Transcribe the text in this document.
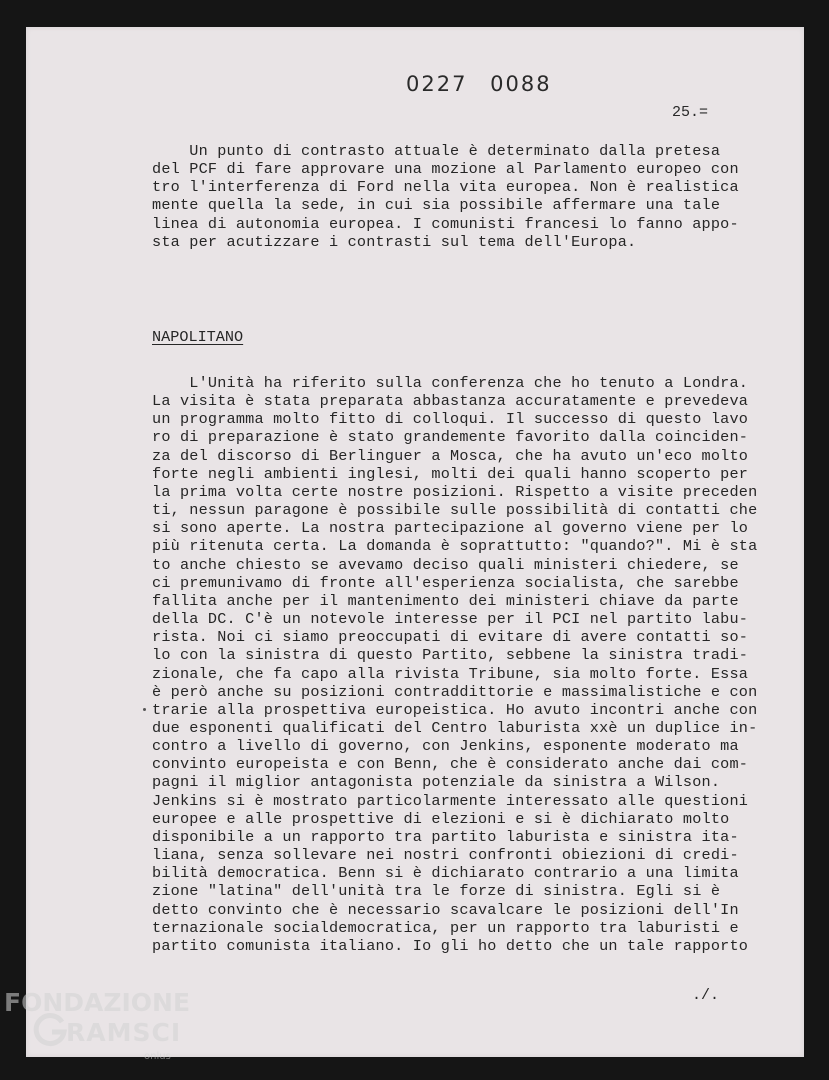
0227 0088
25.=
Un punto di contrasto attuale è determinato dalla pretesa
del PCF di fare approvare una mozione al Parlamento europeo con
tro l'interferenza di Ford nella vita europea. Non è realistica
mente quella la sede, in cui sia possibile affermare una tale
linea di autonomia europea. I comunisti francesi lo fanno appo-
sta per acutizzare i contrasti sul tema dell'Europa.
NAPOLITANO
L'Unità ha riferito sulla conferenza che ho tenuto a Londra.
La visita è stata preparata abbastanza accuratamente e prevedeva
un programma molto fitto di colloqui. Il successo di questo lavo
ro di preparazione è stato grandemente favorito dalla coinciden-
za del discorso di Berlinguer a Mosca, che ha avuto un'eco molto
forte negli ambienti inglesi, molti dei quali hanno scoperto per
la prima volta certe nostre posizioni. Rispetto a visite preceden
ti, nessun paragone è possibile sulle possibilità di contatti che
si sono aperte. La nostra partecipazione al governo viene per lo
più ritenuta certa. La domanda è soprattutto: "quando?". Mi è sta
to anche chiesto se avevamo deciso quali ministeri chiedere, se
ci premunivamo di fronte all'esperienza socialista, che sarebbe
fallita anche per il mantenimento dei ministeri chiave da parte
della DC. C'è un notevole interesse per il PCI nel partito labu-
rista. Noi ci siamo preoccupati di evitare di avere contatti so-
lo con la sinistra di questo Partito, sebbene la sinistra tradi-
zionale, che fa capo alla rivista Tribune, sia molto forte. Essa
è però anche su posizioni contraddittorie e massimalistiche e con
trarie alla prospettiva europeistica. Ho avuto incontri anche con
due esponenti qualificati del Centro laburista xxè un duplice in-
contro a livello di governo, con Jenkins, esponente moderato ma
convinto europeista e con Benn, che è considerato anche dai com-
pagni il miglior antagonista potenziale da sinistra a Wilson.
Jenkins si è mostrato particolarmente interessato alle questioni
europee e alle prospettive di elezioni e si è dichiarato molto
disponibile a un rapporto tra partito laburista e sinistra ita-
liana, senza sollevare nei nostri confronti obiezioni di credi-
bilità democratica. Benn si è dichiarato contrario a una limita
zione "latina" dell'unità tra le forze di sinistra. Egli si è
detto convinto che è necessario scavalcare le posizioni dell'In
ternazionale socialdemocratica, per un rapporto tra laburisti e
partito comunista italiano. Io gli ho detto che un tale rapporto
./.
FONDAZIONE
RAMSCI
onlus
